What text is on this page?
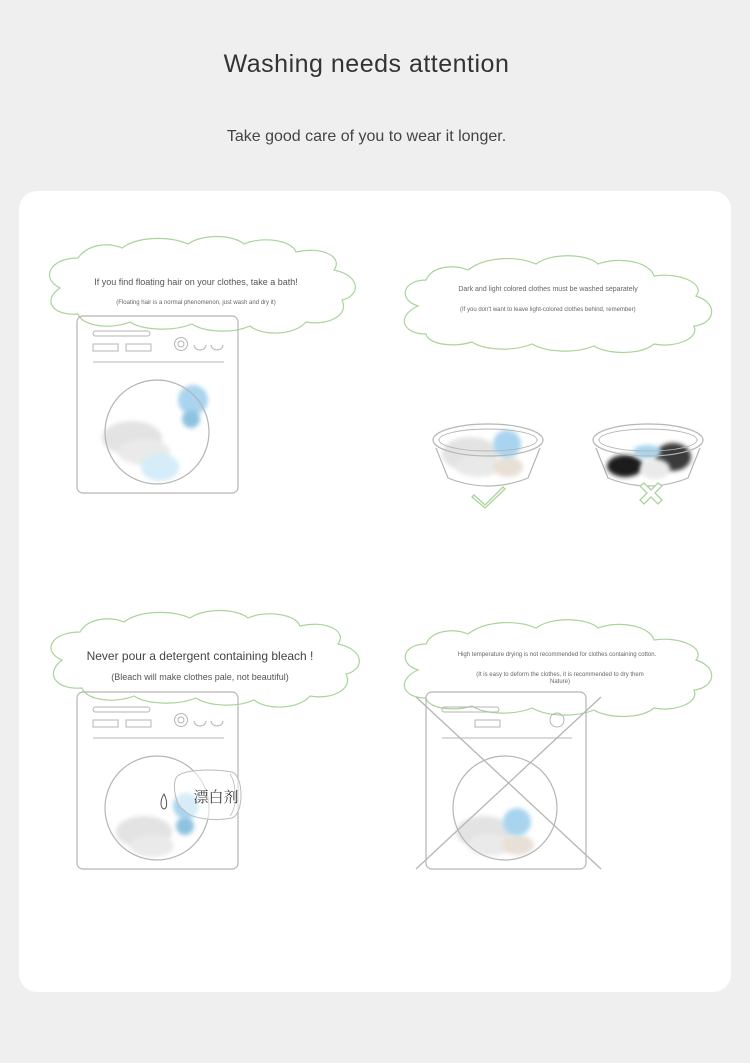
Washing needs attention
Take good care of you to wear it longer.
If you find floating hair on your clothes, take a bath!
(Floating hair is a normal phenomenon, just wash and dry it)
Dark and light colored clothes must be washed separately
(If you don't want to leave light-colored clothes behind, remember)
Never pour a detergent containing bleach !
(Bleach will make clothes pale, not beautiful)
漂白剂
High temperature drying is not recommended for clothes containing cotton.
(It is easy to deform the clothes, it is recommended to dry them Nature)
